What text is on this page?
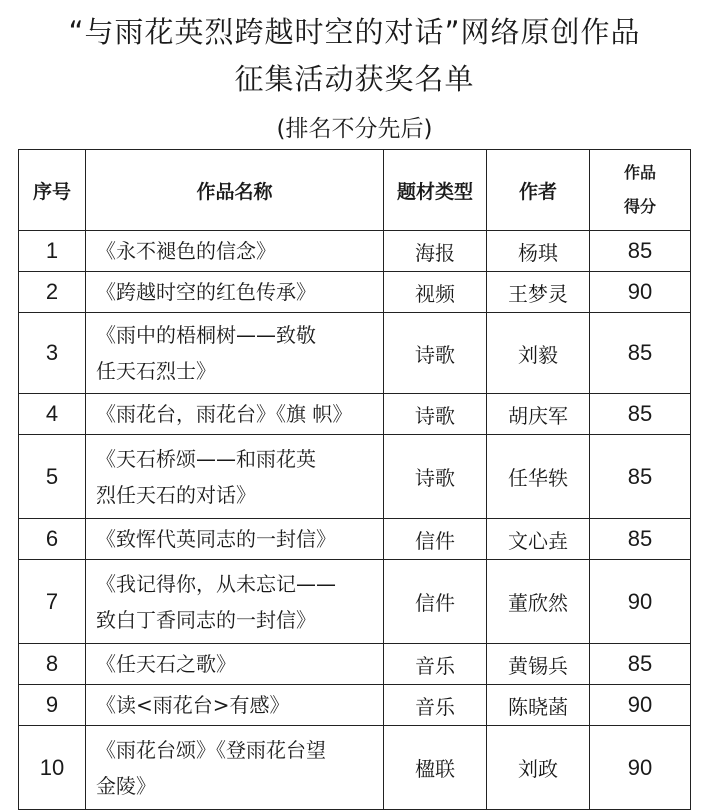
“与雨花英烈跨越时空的对话”网络原创作品
征集活动获奖名单
(排名不分先后)
序号	作品名称	题材类型	作者	作品
得分

1	《永不褪色的信念》	海报	杨琪	85
2	《跨越时空的红色传承》	视频	王梦灵	90
3	《雨中的梧桐树——致敬
任天石烈士》	诗歌	刘毅	85
4	《雨花台，雨花台》《旗 帜》	诗歌	胡庆军	85
5	《天石桥颂——和雨花英
烈任天石的对话》	诗歌	任华轶	85
6	《致恽代英同志的一封信》	信件	文心垚	85
7	《我记得你，从未忘记——
致白丁香同志的一封信》	信件	董欣然	90
8	《任天石之歌》	音乐	黄锡兵	85
9	《读<雨花台>有感》	音乐	陈晓菡	90
10	《雨花台颂》《登雨花台望
金陵》	楹联	刘政	90
